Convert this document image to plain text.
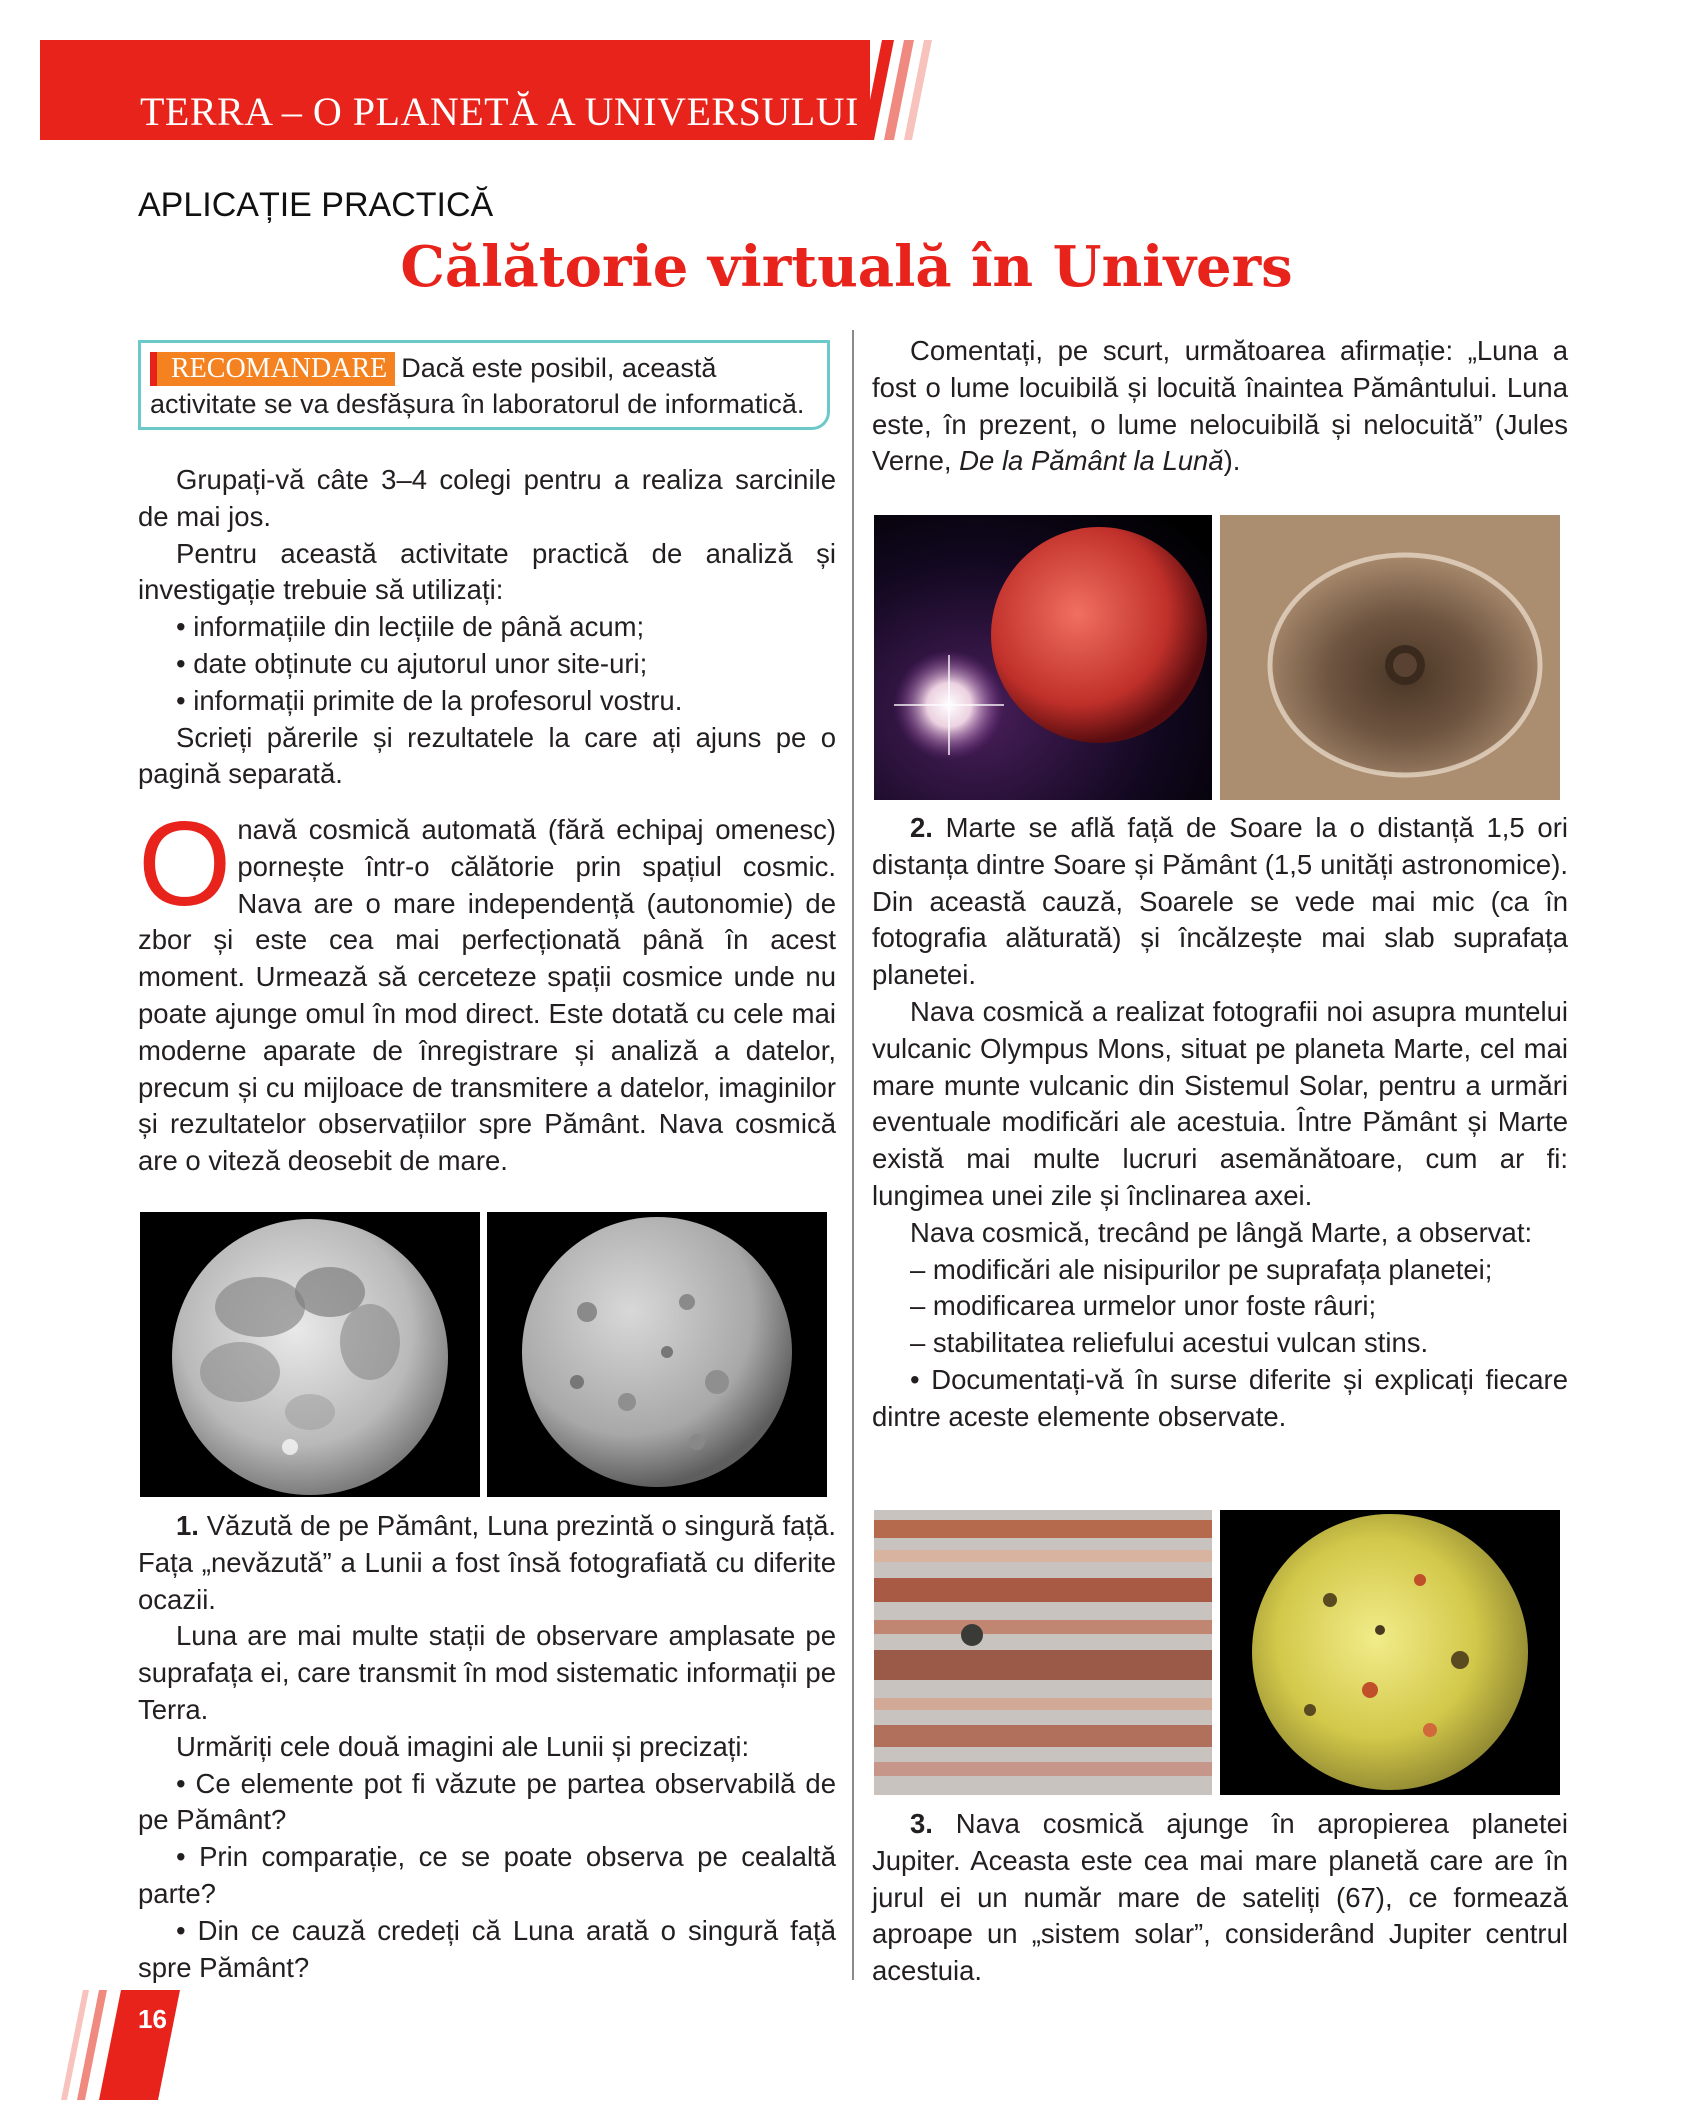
TERRA – O PLANETĂ A UNIVERSULUI
APLICAȚIE PRACTICĂ
Călătorie virtuală în Univers
RECOMANDARE Dacă este posibil, această activitate se va desfășura în laboratorul de informatică.

Grupați-vă câte 3–4 colegi pentru a realiza sarcinile de mai jos.

Pentru această activitate practică de analiză și investigație trebuie să utilizați:

• informațiile din lecțiile de până acum;

• date obținute cu ajutorul unor site-uri;

• informații primite de la profesorul vostru.

Scrieți părerile și rezultatele la care ați ajuns pe o pagină separată.

O navă cosmică automată (fără echipaj omenesc) pornește într-o călătorie prin spațiul cosmic. Nava are o mare independență (autonomie) de zbor și este cea mai perfecționată până în acest moment. Urmează să cerceteze spații cosmice unde nu poate ajunge omul în mod direct. Este dotată cu cele mai moderne aparate de înregistrare și analiză a datelor, precum și cu mijloace de transmitere a datelor, imaginilor și rezultatelor observațiilor spre Pământ. Nava cosmică are o viteză deosebit de mare.

1. Văzută de pe Pământ, Luna prezintă o singură față. Fața „nevăzută” a Lunii a fost însă fotografiată cu diferite ocazii.

Luna are mai multe stații de observare amplasate pe suprafața ei, care transmit în mod sistematic informații pe Terra.

Urmăriți cele două imagini ale Lunii și precizați:

• Ce elemente pot fi văzute pe partea observabilă de pe Pământ?

• Prin comparație, ce se poate observa pe cealaltă parte?

• Din ce cauză credeți că Luna arată o singură față spre Pământ?

Comentați, pe scurt, următoarea afirmație: „Luna a fost o lume locuibilă și locuită înaintea Pământului. Luna este, în prezent, o lume nelocuibilă și nelocuită” (Jules Verne, De la Pământ la Lună).

2. Marte se află față de Soare la o distanță 1,5 ori distanța dintre Soare și Pământ (1,5 unități astronomice). Din această cauză, Soarele se vede mai mic (ca în fotografia alăturată) și încălzește mai slab suprafața planetei.

Nava cosmică a realizat fotografii noi asupra muntelui vulcanic Olympus Mons, situat pe planeta Marte, cel mai mare munte vulcanic din Sistemul Solar, pentru a urmări eventuale modificări ale acestuia. Între Pământ și Marte există mai multe lucruri asemănătoare, cum ar fi: lungimea unei zile și înclinarea axei.

Nava cosmică, trecând pe lângă Marte, a observat:

– modificări ale nisipurilor pe suprafața planetei;

– modificarea urmelor unor foste râuri;

– stabilitatea reliefului acestui vulcan stins.

• Documentați-vă în surse diferite și explicați fiecare dintre aceste elemente observate.

3. Nava cosmică ajunge în apropierea planetei Jupiter. Aceasta este cea mai mare planetă care are în jurul ei un număr mare de sateliți (67), ce formează aproape un „sistem solar”, considerând Jupiter centrul acestuia.

16
